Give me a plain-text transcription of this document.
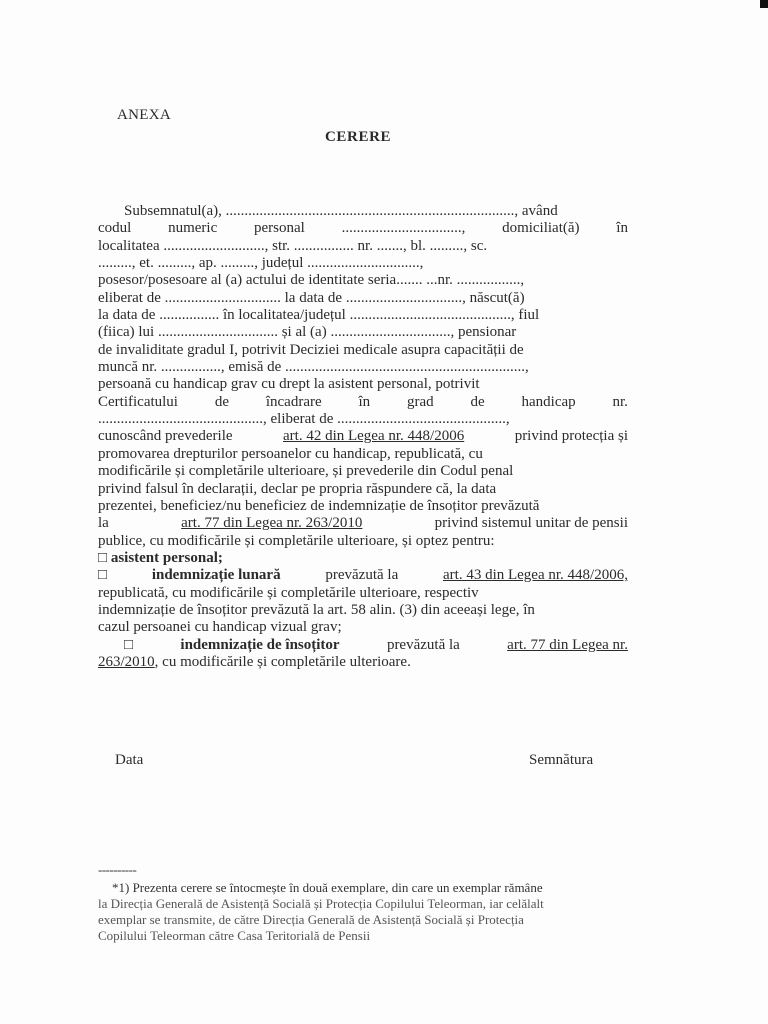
ANEXA
CERERE
Subsemnatul(a), ............................................................................., având
codul numeric personal ................................, domiciliat(ă) în
localitatea ..........................., str. ................ nr. ......., bl. ........., sc.
........., et. ........., ap. ........., județul ..............................,
posesor/posesoare al (a) actului de identitate seria....... ...nr. .................,
eliberat de ............................... la data de ..............................., născut(ă)
la data de ................ în localitatea/județul ..........................................., fiul
(fiica) lui ................................ și al (a) ................................, pensionar
de invaliditate gradul I, potrivit Deciziei medicale asupra capacității de
muncă nr. ................, emisă de ................................................................,
persoană cu handicap grav cu drept la asistent personal, potrivit
Certificatului de încadrare în grad de handicap nr.
............................................, eliberat de .............................................,
cunoscând prevederile	art. 42 din Legea nr. 448/2006	privind protecția și
promovarea drepturilor persoanelor cu handicap, republicată, cu
modificările și completările ulterioare, și prevederile din Codul penal
privind falsul în declarații, declar pe propria răspundere că, la data
prezentei, beneficiez/nu beneficiez de indemnizație de însoțitor prevăzută
la	art. 77 din Legea nr. 263/2010	privind sistemul unitar de pensii
publice, cu modificările și completările ulterioare, și optez pentru:
□ asistent personal;
□	indemnizație lunară	prevăzută la	art. 43 din Legea nr. 448/2006,
republicată, cu modificările și completările ulterioare, respectiv
indemnizație de însoțitor prevăzută la art. 58 alin. (3) din aceeași lege, în
cazul persoanei cu handicap vizual grav;
□	indemnizație de însoțitor	prevăzută la	art. 77 din Legea nr.
263/2010 , cu modificările și completările ulterioare.
Data	Semnătura
----------
*1) Prezenta cerere se întocmește în două exemplare, din care un exemplar rămâne
la Direcția Generală de Asistență Socială și Protecția Copilului Teleorman, iar celălalt
exemplar se transmite, de către Direcția Generală de Asistență Socială și Protecția
Copilului Teleorman către Casa Teritorială de Pensii
